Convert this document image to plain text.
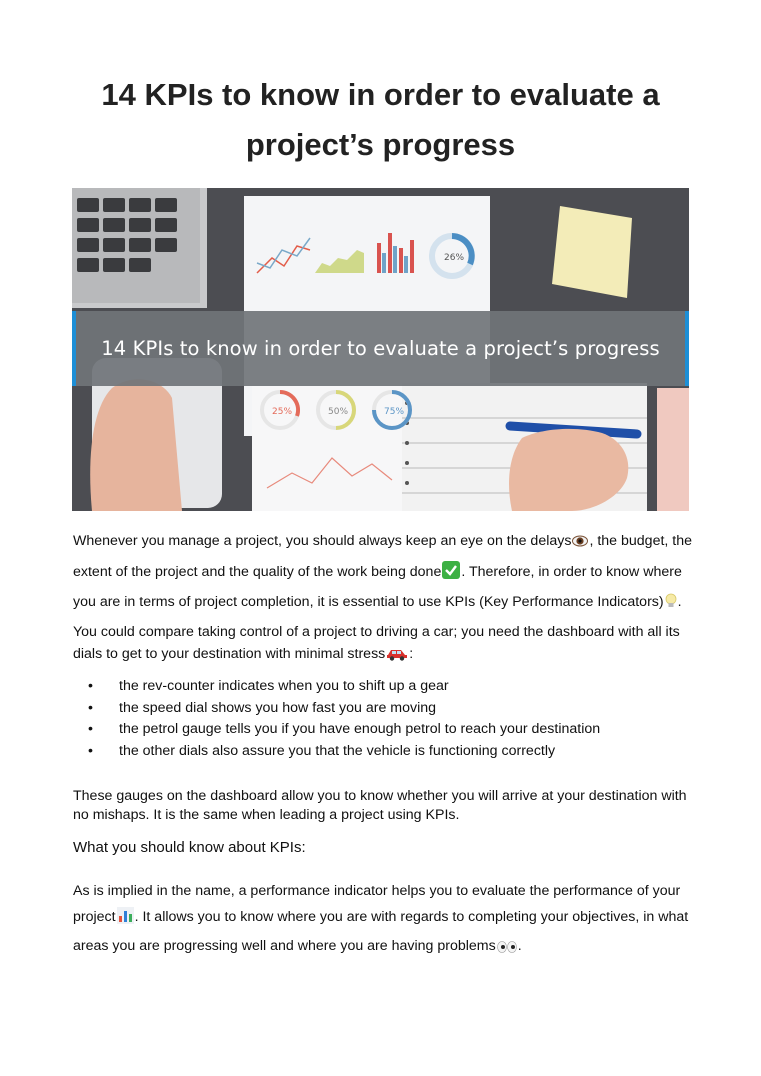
14 KPIs to know in order to evaluate a project’s progress
26%
25%	50%	75%
14 KPIs to know in order to evaluate a project’s progress

Whenever you manage a project, you should always keep an eye on the delays , the budget, the extent of the project and the quality of the work being done . Therefore, in order to know where you are in terms of project completion, it is essential to use KPIs (Key Performance Indicators) .

You could compare taking control of a project to driving a car; you need the dashboard with all its dials to get to your destination with minimal stress :

• the rev-counter indicates when you to shift up a gear
• the speed dial shows you how fast you are moving
• the petrol gauge tells you if you have enough petrol to reach your destination
• the other dials also assure you that the vehicle is functioning correctly

These gauges on the dashboard allow you to know whether you will arrive at your destination with no mishaps. It is the same when leading a project using KPIs.

What you should know about KPIs:

As is implied in the name, a performance indicator helps you to evaluate the performance of your project . It allows you to know where you are with regards to completing your objectives, in what areas you are progressing well and where you are having problems .
